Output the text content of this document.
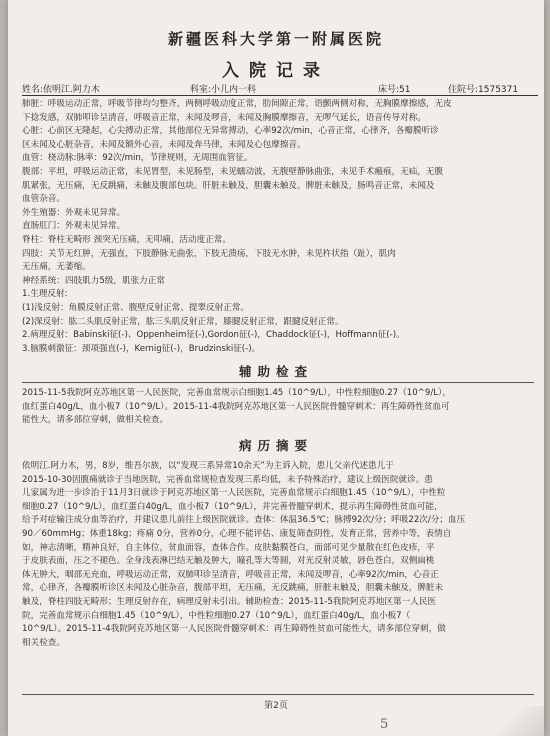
新疆医科大学第一附属医院
入院记录
姓名:依明江.阿力木	科室:小儿内一科	床号:51	住院号:1575371

肺脏：呼吸运动正常，呼吸节律均匀整齐，两侧呼吸动度正常，肋间隙正常，语颤两侧对称，无胸膜摩擦感，无皮

下捻发感，双肺叩诊呈清音，呼吸音正常，未闻及啰音，未闻及胸膜摩擦音，无啰气延长，语音传导对称。

心脏：心前区无隆起，心尖搏动正常，其他部位无异常搏动，心率92次/min，心音正常，心律齐，各瓣膜听诊

区未闻及心脏杂音，未闻及额外心音，未闻及奔马律，未闻及心包摩擦音。

血管：桡动脉:脉率：92次/min，节律规则，无周围血管征。

腹部：平坦，呼吸运动正常，未见胃型，未见肠型，未见蠕动波，无腹壁静脉曲张，未见手术瘢痕，无疝，无腹

肌紧张，无压痛，无反跳痛，未触及腹部包块。肝脏未触及，胆囊未触及。脾脏未触及，肠鸣音正常，未闻及

血管杂音。

外生殖器：外观未见异常。

直肠肛门：外观未见异常。

脊柱：脊柱无畸形 颈突无压痛，无叩痛，活动度正常。

四肢：关节无红肿，无强直，下肢静脉无曲张，下肢无溃疡，下肢无水肿，未见杵状指（趾），肌肉

无压痛，无萎缩。

神经系统：四肢肌力5级，肌张力正常

1.生理反射:

(1)浅反射：角膜反射正常、腹壁反射正常、提睾反射正常。

(2)深反射：肱二头肌反射正常，肱三头肌反射正常，膝腱反射正常，跟腱反射正常。

2.病理反射：Babinski征(-)、Oppenheim征(-),Gordon征(-)，Chaddock征(-)，Hoffmann征(-)。

3.脑膜刺激征：颈项强直(-)，Kernig征(-)，Brudzinski征(-)。

辅助检查

2015-11-5我院阿克苏地区第一人民医院，完善血常规示白细胞1.45（10^9/L），中性粒细胞0.27（10^9/L），

血红蛋白40g/L，血小板7（10^9/L）。2015-11-4我院阿克苏地区第一人民医院骨髓穿刺术：再生障碍性贫血可

能性大，请多部位穿刺，做相关检查。

病历摘要

依明江.阿力木，男，8岁，维吾尔族，以“发现三系异常10余天”为主诉入院，患儿父亲代述患儿于

2015-10-30因腹痛就诊于当地医院，完善血常规检查发现三系均低，未予特殊治疗，建议上级医院就诊。患

儿家属为进一步诊治于11月3日就诊于阿克苏地区第一人民医院，完善血常规示白细胞1.45（10^9/L），中性粒

细胞0.27（10^9/L），血红蛋白40g/L，血小板7（10^9/L），并完善骨髓穿刺术，提示再生障碍性贫血可能，

给予对症输注成分血等治疗，并建议患儿前往上级医院就诊。查体：体温36.5℃；脉搏92次/分；呼吸22次/分；血压

90／60mmHg；体重18kg；疼痛 0分，营养0分，心理不能评估、康复筛查阴性，发育正常，营养中等，表情自

如，神志清晰，精神良好，自主体位，贫血面容，查体合作。皮肤黏膜苍白，面部可见少量散在红色皮疹，平

于皮肤表面，压之不褪色。全身浅表淋巴结无触及肿大，瞳孔等大等圆，对光反射灵敏，唇色苍白，双侧扁桃

体无肿大，咽部无充血，呼吸运动正常，双肺叩诊呈清音，呼吸音正常，未闻及啰音，心率92次/min，心音正

常，心律齐，各瓣膜听诊区未闻及心脏杂音，腹部平坦，无压痛，无反跳痛，肝脏未触及，胆囊未触及，脾脏未

触及，脊柱四肢无畸形；生理反射存在，病理反射未引出。辅助检查：2015-11-5我院阿克苏地区第一人民医

院，完善血常规示白细胞1.45（10^9/L），中性粒细胞0.27（10^9/L），血红蛋白40g/L，血小板7（

10^9/L）。2015-11-4我院阿克苏地区第一人民医院骨髓穿刺术：再生障碍性贫血可能性大，请多部位穿刺，做

相关检查。

第2页
5
